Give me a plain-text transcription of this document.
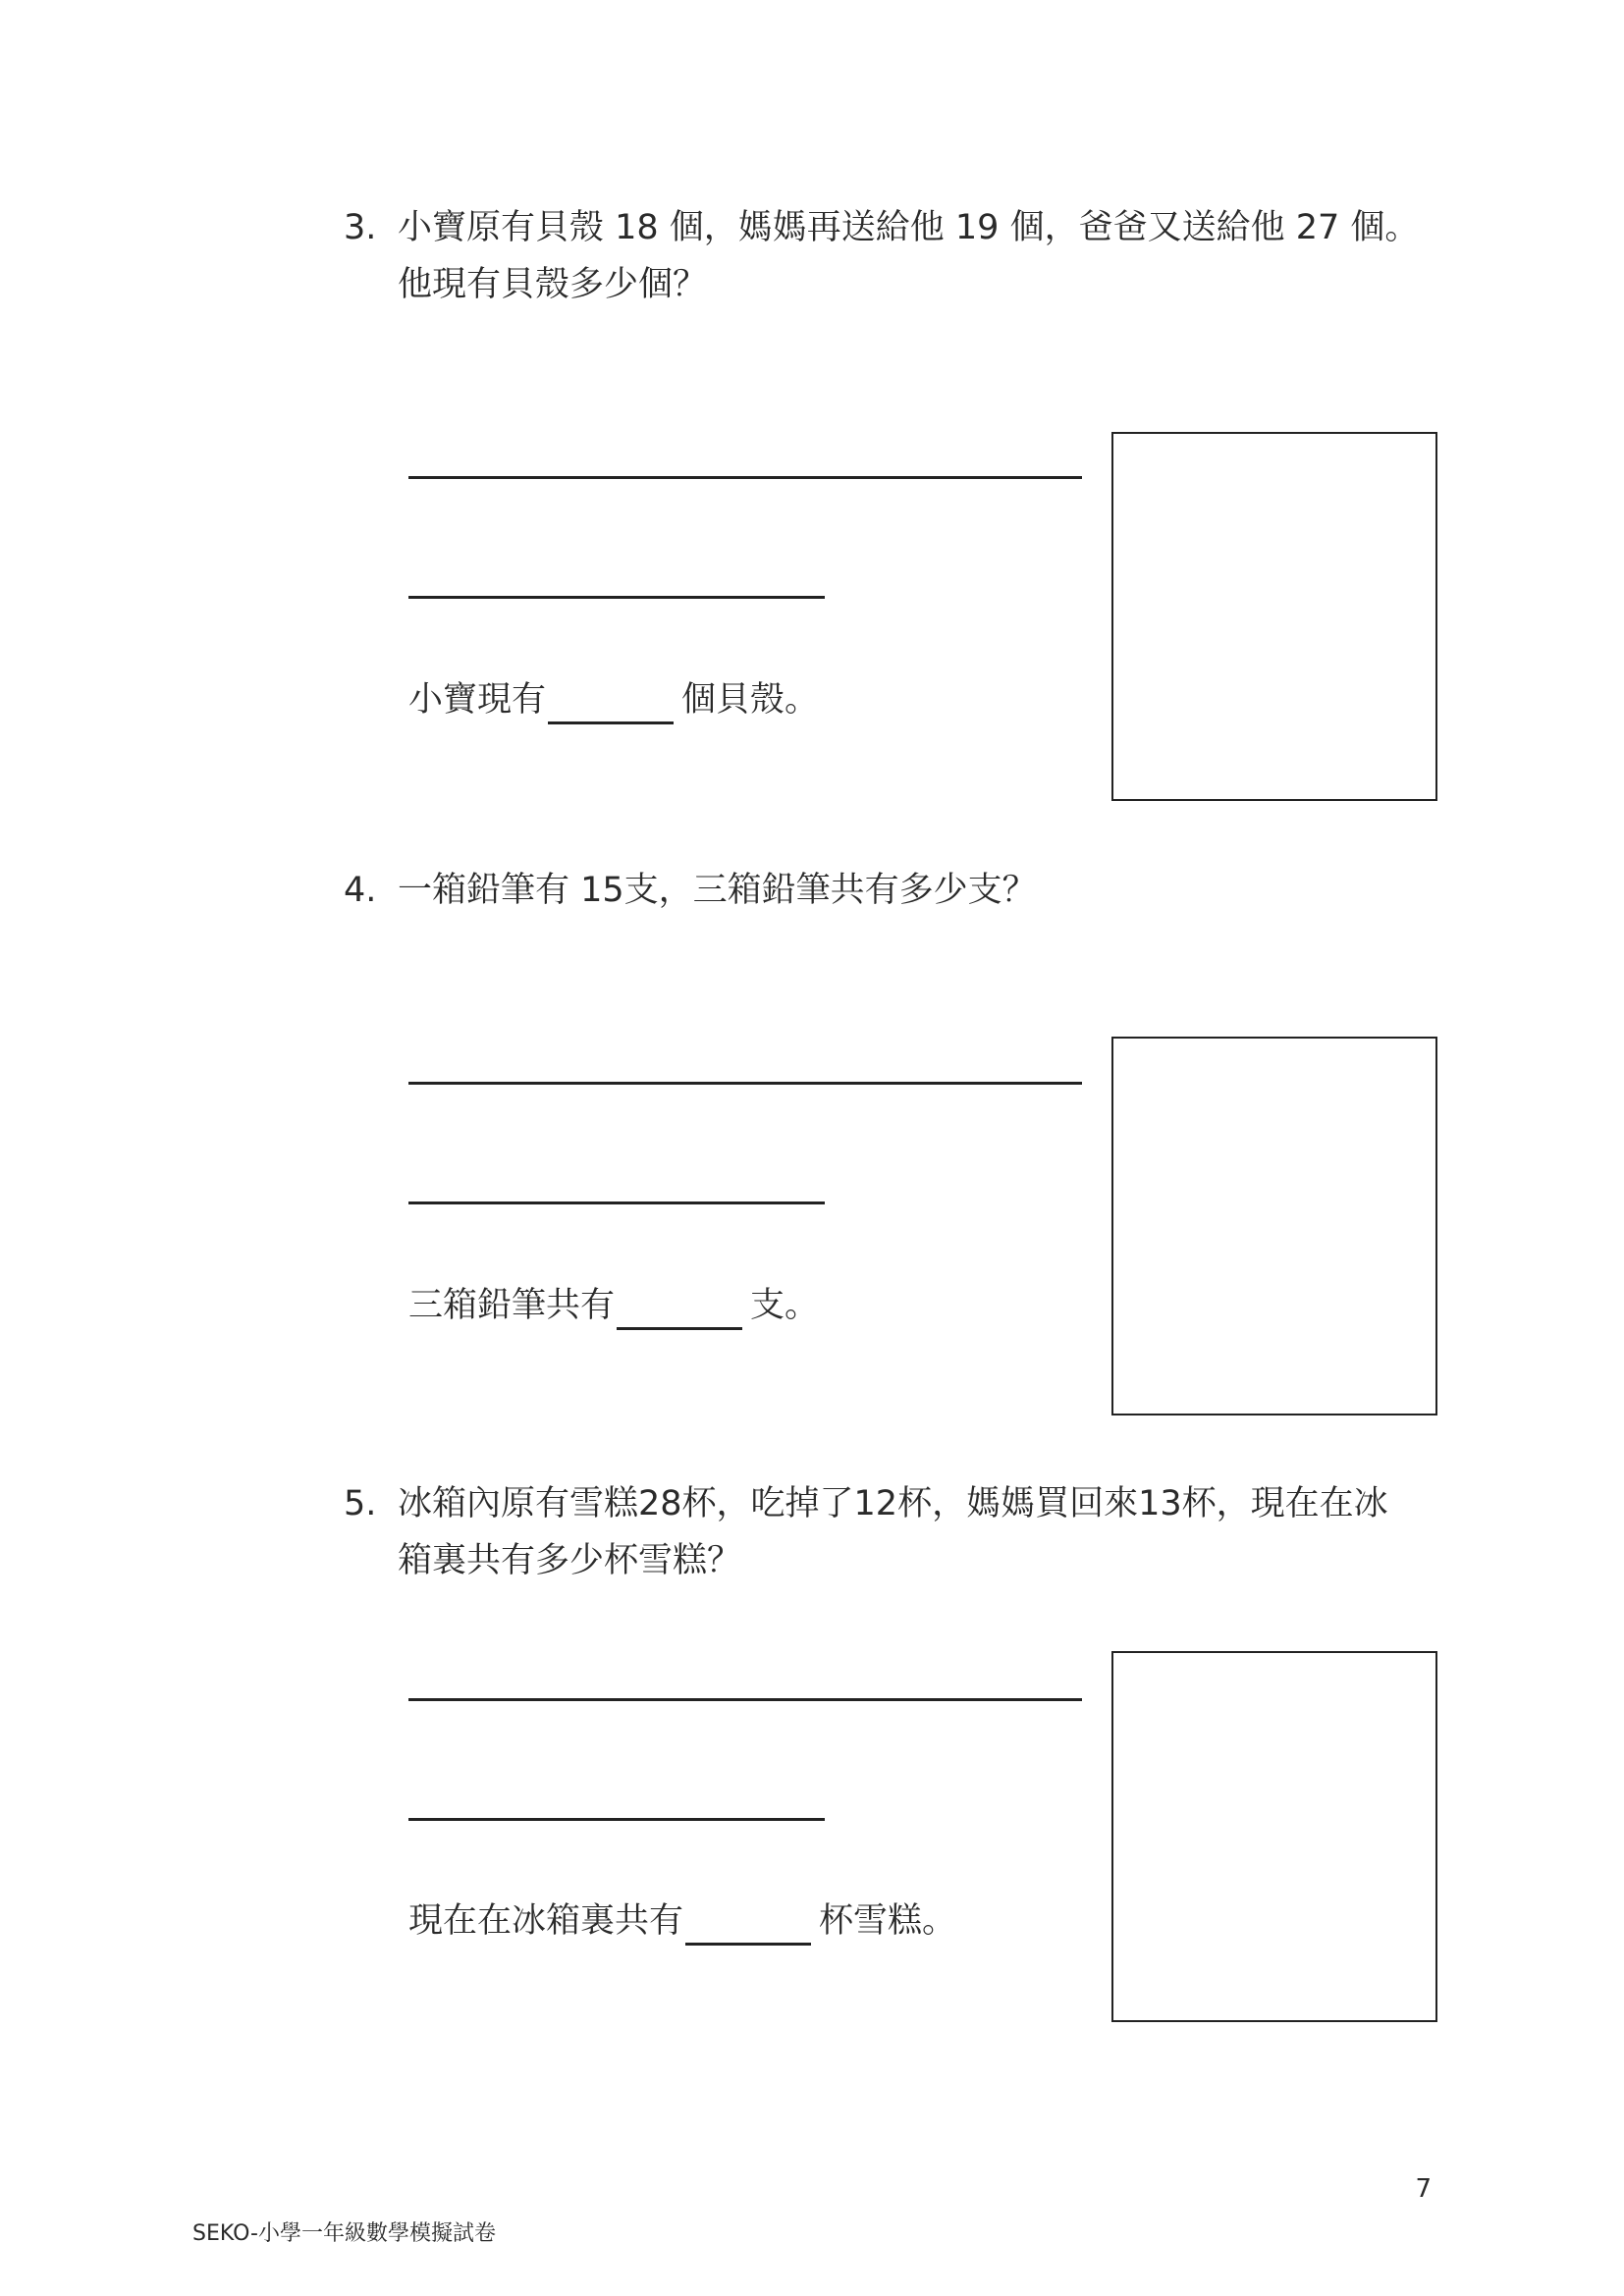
3. 小寶原有貝殼 18 個，媽媽再送給他 19 個，爸爸又送給他 27 個。
他現有貝殼多少個？
小寶現有	個貝殼。
4. 一箱鉛筆有 15支，三箱鉛筆共有多少支？
三箱鉛筆共有	支。
5. 冰箱內原有雪糕28杯，吃掉了12杯，媽媽買回來13杯，現在在冰
箱裏共有多少杯雪糕？
現在在冰箱裏共有	杯雪糕。
7
SEKO-小學一年級數學模擬試卷
